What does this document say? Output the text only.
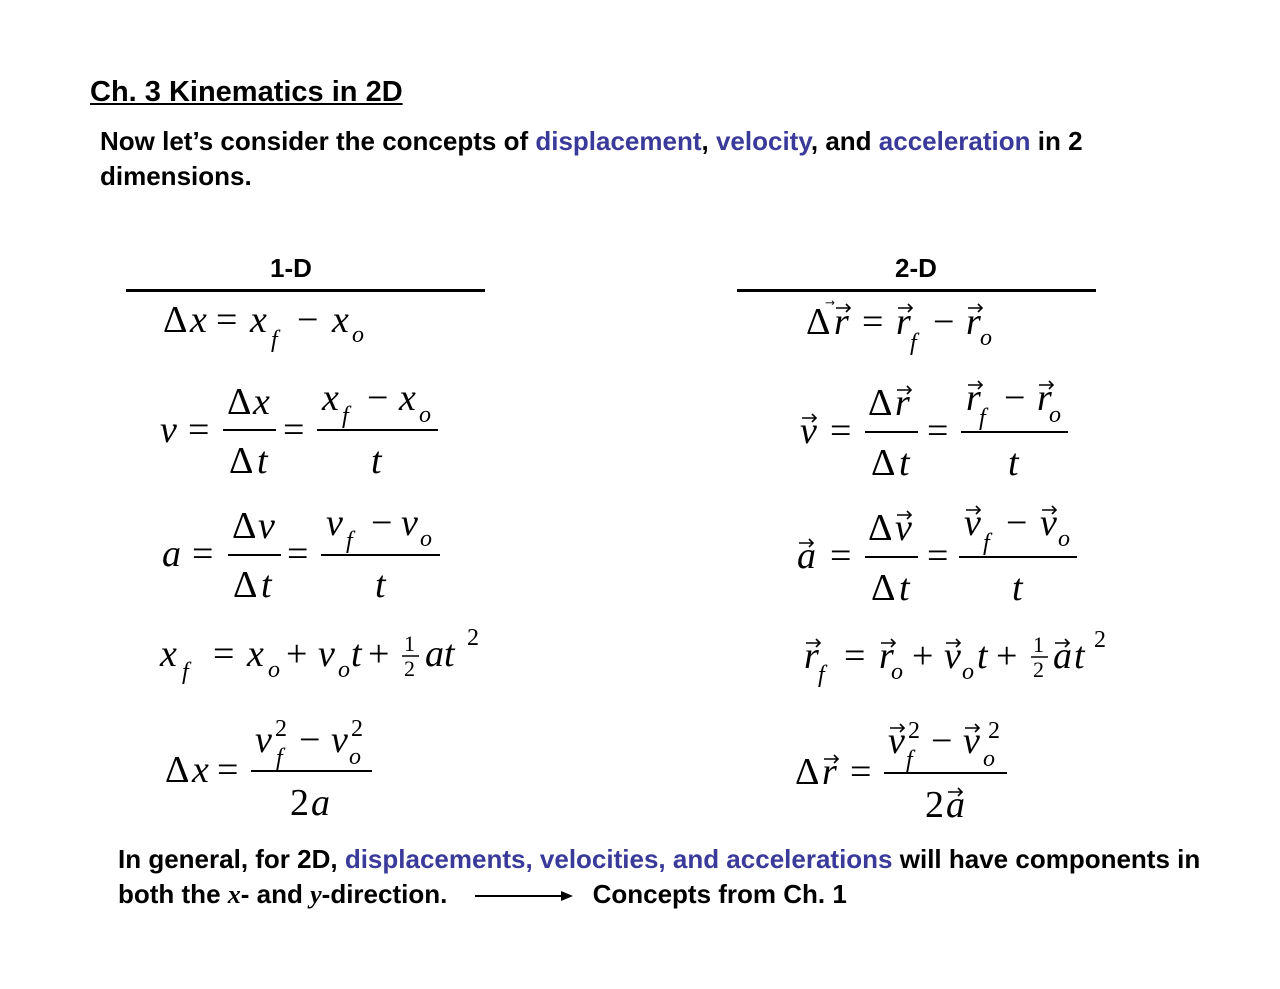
Ch. 3 Kinematics in 2D

Now let’s consider the concepts of displacement, velocity, and acceleration in 2 dimensions.

1-D	2-D
Δ x = x f − x o
v =
Δ x
Δ t
=
x f − x o
t
a =
Δ v
Δ t
=
v f − v o
t
x f = x o + v o t + 1
2 a t 2
Δ x =
v 2
f − v 2
o
2 a
Δ r = r f − r o
v =
Δ r
Δ t
=
r
f − r
o
t
a =
Δ v
Δ t
=
v f − v o
t
r f = r
o + v o t + 1
2 a t 2
Δ r =
v 2
f − v 2
o
2 a

In general, for 2D, displacements, velocities, and accelerations will have components in both the x- and y-direction.	Concepts from Ch. 1
